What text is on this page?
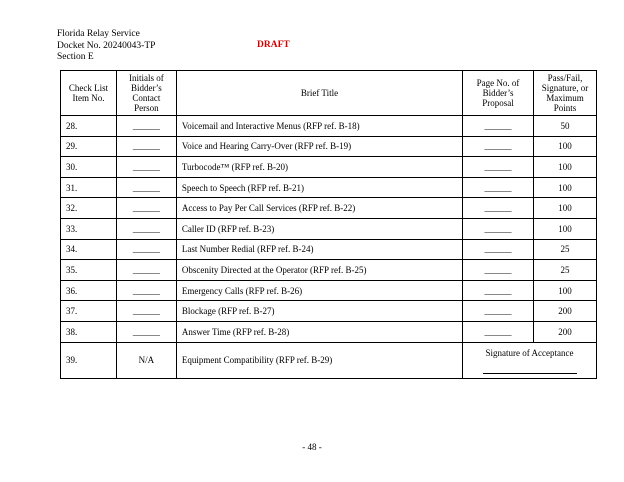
Florida Relay Service
Docket No. 20240043-TP
Section E
DRAFT
Check List Item No.	Initials of Bidder’s Contact Person	Brief Title	Page No. of Bidder’s Proposal	Pass/Fail, Signature, or Maximum Points
28.	______	Voicemail and Interactive Menus (RFP ref. B-18)	______	50
29.	______	Voice and Hearing Carry-Over (RFP ref. B-19)	______	100
30.	______	Turbocode™ (RFP ref. B-20)	______	100
31.	______	Speech to Speech (RFP ref. B-21)	______	100
32.	______	Access to Pay Per Call Services (RFP ref. B-22)	______	100
33.	______	Caller ID (RFP ref. B-23)	______	100
34.	______	Last Number Redial (RFP ref. B-24)	______	25
35.	______	Obscenity Directed at the Operator (RFP ref. B-25)	______	25
36.	______	Emergency Calls (RFP ref. B-26)	______	100
37.	______	Blockage (RFP ref. B-27)	______	200
38.	______	Answer Time (RFP ref. B-28)	______	200
39.	N/A	Equipment Compatibility (RFP ref. B-29)	Signature of Acceptance	
- 48 -
